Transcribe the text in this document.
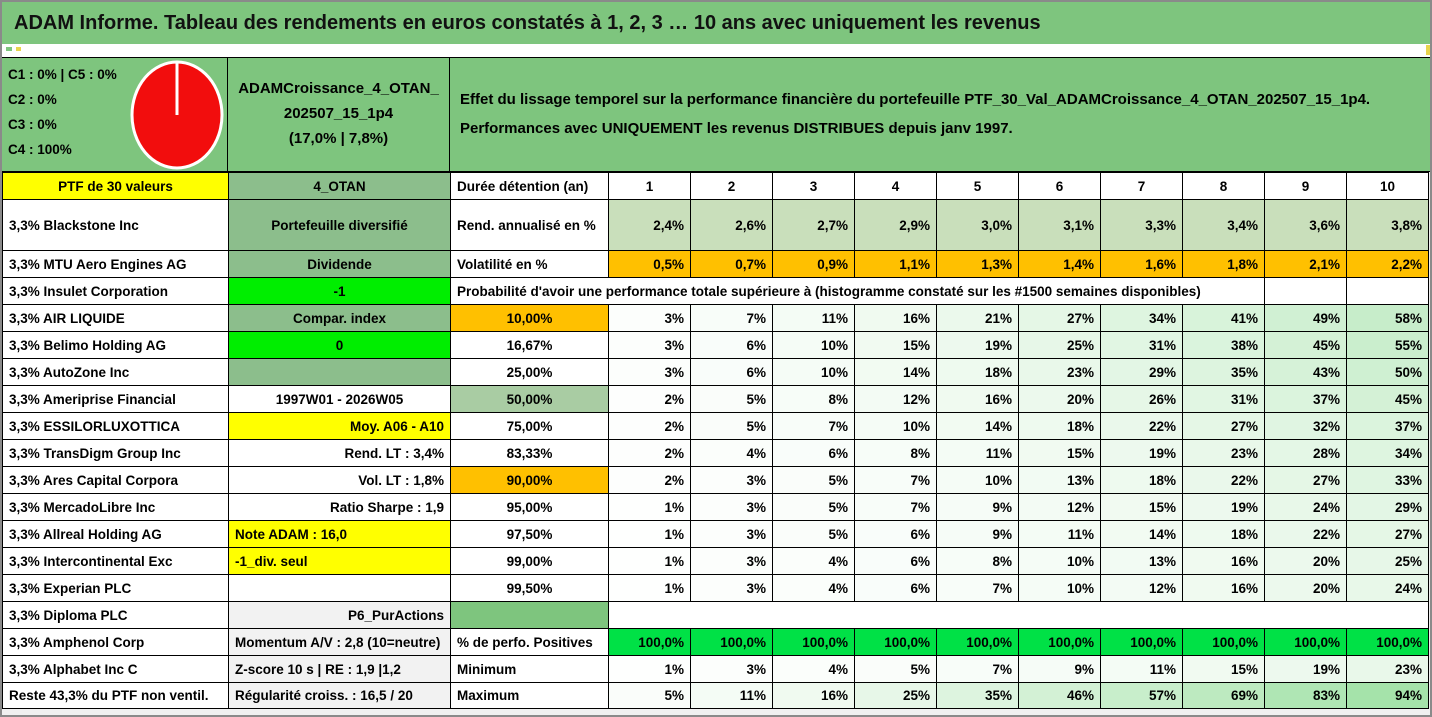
ADAM Informe. Tableau des rendements en euros constatés à 1, 2, 3 … 10 ans avec uniquement les revenus
C1 : 0% | C5 : 0%
C2 : 0%
C3 : 0%
C4 : 100%
ADAMCroissance_4_OTAN_
202507_15_1p4
(17,0% | 7,8%)
Effet du lissage temporel sur la performance financière du portefeuille PTF_30_Val_ADAMCroissance_4_OTAN_202507_15_1p4.
Performances avec UNIQUEMENT les revenus DISTRIBUES depuis janv 1997.
PTF de 30 valeurs	4_OTAN	Durée détention (an)	1	2	3	4	5	6	7	8	9	10
3,3% Blackstone Inc	Portefeuille diversifié	Rend. annualisé en %	2,4%	2,6%	2,7%	2,9%	3,0%	3,1%	3,3%	3,4%	3,6%	3,8%
3,3% MTU Aero Engines AG	Dividende	Volatilité en %	0,5%	0,7%	0,9%	1,1%	1,3%	1,4%	1,6%	1,8%	2,1%	2,2%
3,3% Insulet Corporation	-1	Probabilité d'avoir une performance totale supérieure à (histogramme constaté sur les #1500 semaines disponibles)										
3,3% AIR LIQUIDE	Compar. index	10,00%	3%	7%	11%	16%	21%	27%	34%	41%	49%	58%
3,3% Belimo Holding AG	0	16,67%	3%	6%	10%	15%	19%	25%	31%	38%	45%	55%
3,3% AutoZone Inc		25,00%	3%	6%	10%	14%	18%	23%	29%	35%	43%	50%
3,3% Ameriprise Financial	1997W01 - 2026W05	50,00%	2%	5%	8%	12%	16%	20%	26%	31%	37%	45%
3,3% ESSILORLUXOTTICA	Moy. A06 - A10	75,00%	2%	5%	7%	10%	14%	18%	22%	27%	32%	37%
3,3% TransDigm Group Inc	Rend. LT : 3,4%	83,33%	2%	4%	6%	8%	11%	15%	19%	23%	28%	34%
3,3% Ares Capital Corpora	Vol. LT : 1,8%	90,00%	2%	3%	5%	7%	10%	13%	18%	22%	27%	33%
3,3% MercadoLibre Inc	Ratio Sharpe : 1,9	95,00%	1%	3%	5%	7%	9%	12%	15%	19%	24%	29%
3,3% Allreal Holding AG	Note ADAM : 16,0	97,50%	1%	3%	5%	6%	9%	11%	14%	18%	22%	27%
3,3% Intercontinental Exc	-1_div. seul	99,00%	1%	3%	4%	6%	8%	10%	13%	16%	20%	25%
3,3% Experian PLC		99,50%	1%	3%	4%	6%	7%	10%	12%	16%	20%	24%
3,3% Diploma PLC	P6_PurActions											
3,3% Amphenol Corp	Momentum A/V : 2,8 (10=neutre)	% de perfo. Positives	100,0%	100,0%	100,0%	100,0%	100,0%	100,0%	100,0%	100,0%	100,0%	100,0%
3,3% Alphabet Inc C	Z-score 10 s | RE : 1,9 |1,2	Minimum	1%	3%	4%	5%	7%	9%	11%	15%	19%	23%
Reste 43,3% du PTF non ventil.	Régularité croiss. : 16,5 / 20	Maximum	5%	11%	16%	25%	35%	46%	57%	69%	83%	94%
